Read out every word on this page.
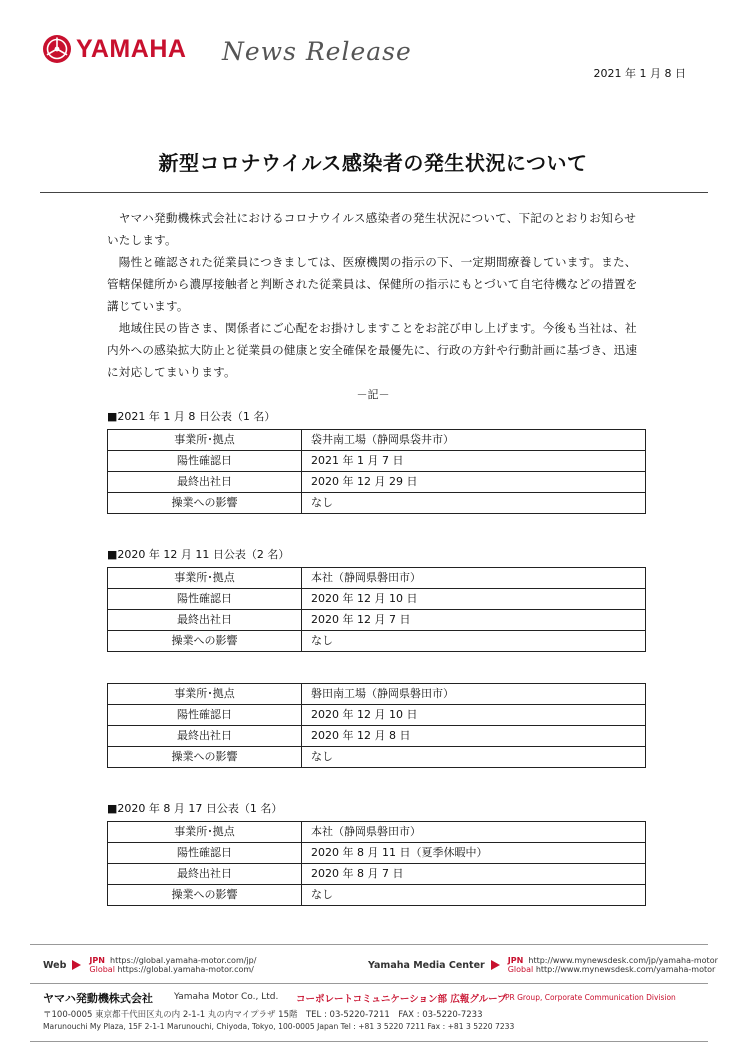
YAMAHA News Release
2021 年 1 月 8 日
新型コロナウイルス感染者の発生状況について

　ヤマハ発動機株式会社におけるコロナウイルス感染者の発生状況について、下記のとおりお知らせいたします。

　陽性と確認された従業員につきましては、医療機関の指示の下、一定期間療養しています。また、管轄保健所から濃厚接触者と判断された従業員は、保健所の指示にもとづいて自宅待機などの措置を講じています。

　地域住民の皆さま、関係者にご心配をお掛けしますことをお詫び申し上げます。今後も当社は、社内外への感染拡大防止と従業員の健康と安全確保を最優先に、行政の方針や行動計画に基づき、迅速に対応してまいります。

－記－
■2021 年 1 月 8 日公表（1 名）
事業所･拠点	袋井南工場（静岡県袋井市）
陽性確認日	2021 年 1 月 7 日
最終出社日	2020 年 12 月 29 日
操業への影響	なし
■2020 年 12 月 11 日公表（2 名）
事業所･拠点	本社（静岡県磐田市）
陽性確認日	2020 年 12 月 10 日
最終出社日	2020 年 12 月 7 日
操業への影響	なし
事業所･拠点	磐田南工場（静岡県磐田市）
陽性確認日	2020 年 12 月 10 日
最終出社日	2020 年 12 月 8 日
操業への影響	なし
■2020 年 8 月 17 日公表（1 名）
事業所･拠点	本社（静岡県磐田市）
陽性確認日	2020 年 8 月 11 日（夏季休暇中）
最終出社日	2020 年 8 月 7 日
操業への影響	なし
Web	JPN https://global.yamaha-motor.com/jp/
Global https://global.yamaha-motor.com/	Yamaha Media Center	JPN http://www.mynewsdesk.com/jp/yamaha-motor
Global http://www.mynewsdesk.com/yamaha-motor
ヤマハ発動機株式会社 Yamaha Motor Co., Ltd. コーポレートコミュニケーション部 広報グループ
PR Group, Corporate Communication Division
〒100-0005 東京都千代田区丸の内 2-1-1 丸の内マイプラザ 15階　TEL : 03-5220-7211　FAX : 03-5220-7233
Marunouchi My Plaza, 15F 2-1-1 Marunouchi, Chiyoda, Tokyo, 100-0005 Japan Tel : +81 3 5220 7211 Fax : +81 3 5220 7233
